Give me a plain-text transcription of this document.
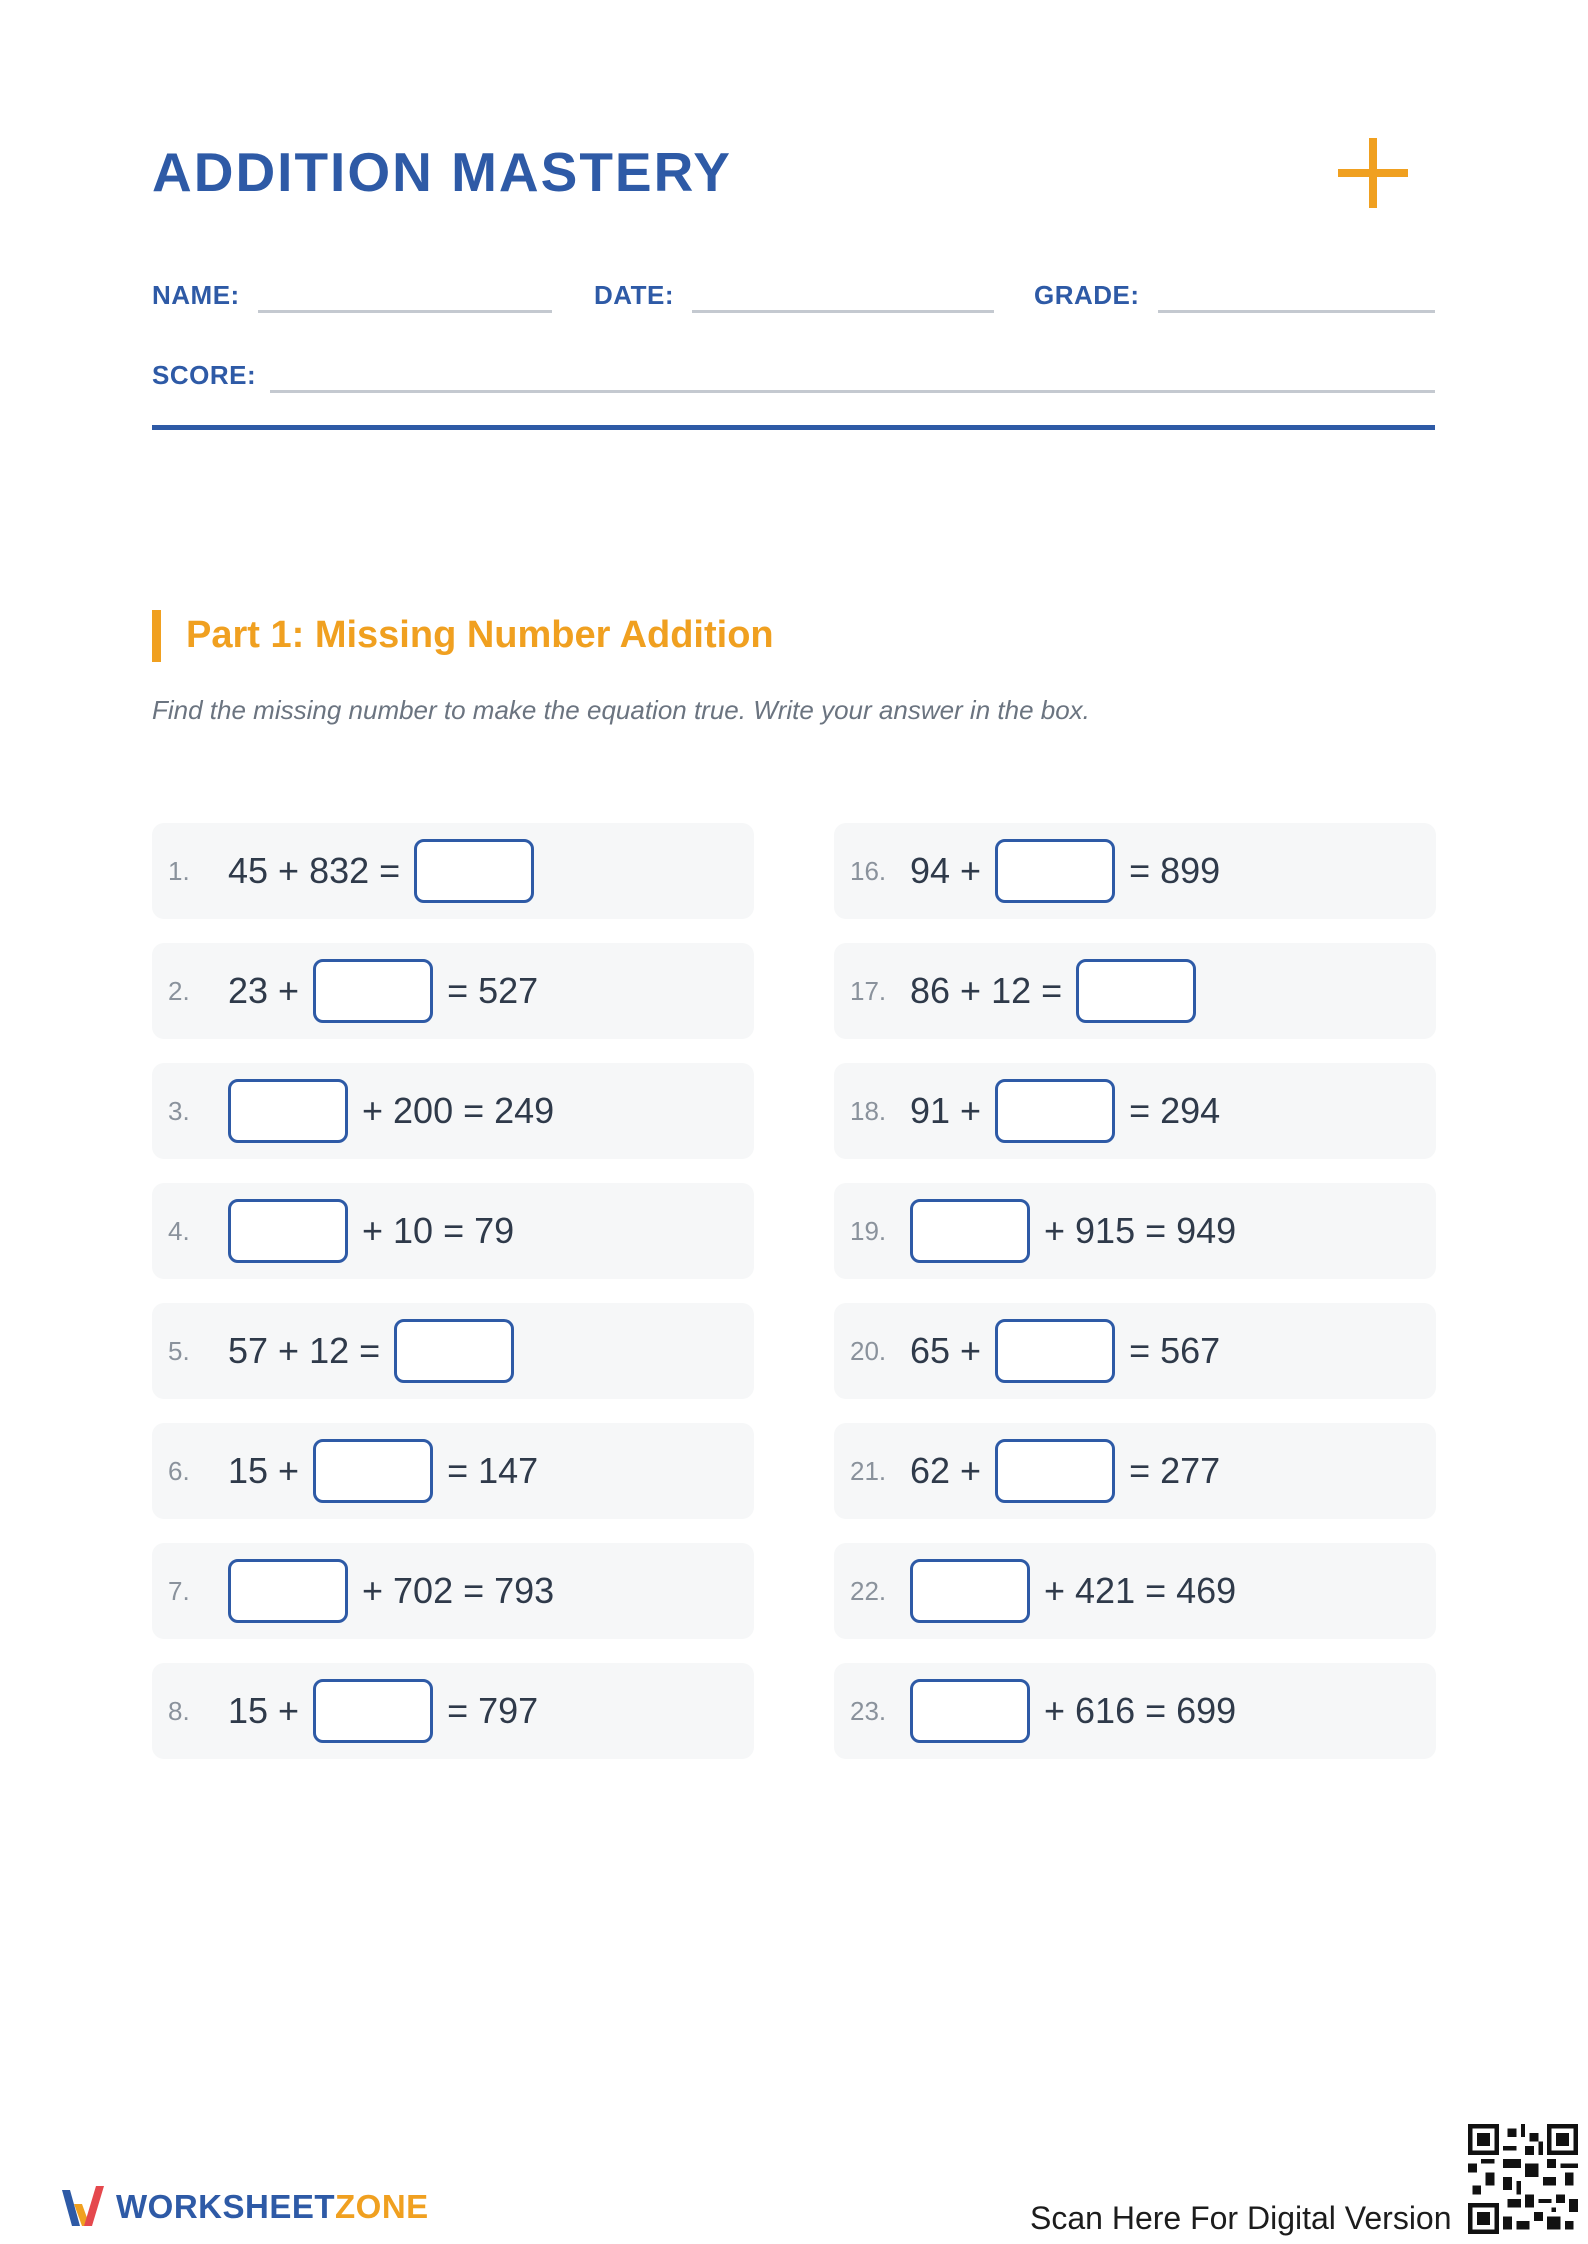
ADDITION MASTERY
NAME:	DATE:	GRADE:
SCORE:
Part 1: Missing Number Addition
Find the missing number to make the equation true. Write your answer in the box.
1.	45 + 832 =
2.	23 +	= 527
3.	+ 200 = 249
4.	+ 10 = 79
5.	57 + 12 =
6.	15 +	= 147
7.	+ 702 = 793
8.	15 +	= 797
16. 94 +	= 899
17. 86 + 12 =
18. 91 +	= 294
19.	+ 915 = 949
20. 65 +	= 567
21. 62 +	= 277
22.	+ 421 = 469
23.	+ 616 = 699
WORKSHEETZONE	Scan Here For Digital Version
